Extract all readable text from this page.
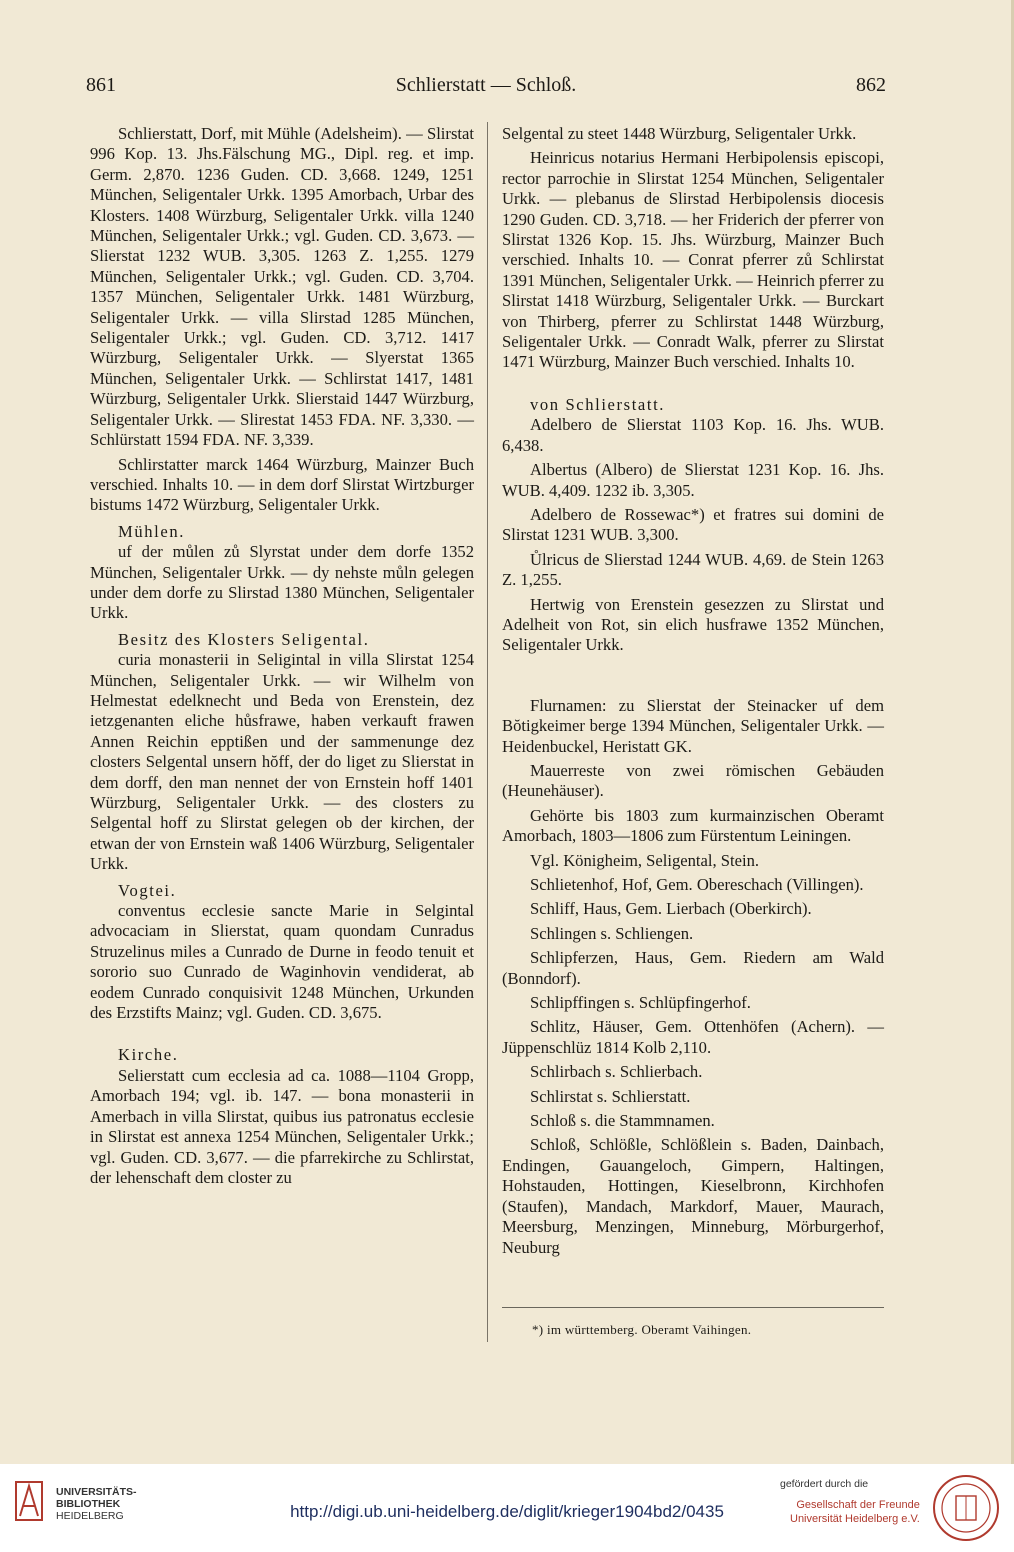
861	Schlierstatt — Schloß.	862

Schlierstatt, Dorf, mit Mühle (Adelsheim). — Slirstat 996 Kop. 13. Jhs.Fälschung MG., Dipl. reg. et imp. Germ. 2,870. 1236 Guden. CD. 3,668. 1249, 1251 München, Seligentaler Urkk. 1395 Amorbach, Urbar des Klosters. 1408 Würzburg, Seligentaler Urkk. villa 1240 München, Seligentaler Urkk.; vgl. Guden. CD. 3,673. — Slierstat 1232 WUB. 3,305. 1263 Z. 1,255. 1279 München, Seligentaler Urkk.; vgl. Guden. CD. 3,704. 1357 München, Seligentaler Urkk. 1481 Würzburg, Seligentaler Urkk. — villa Slirstad 1285 München, Seligentaler Urkk.; vgl. Guden. CD. 3,712. 1417 Würzburg, Seligentaler Urkk. — Slyerstat 1365 München, Seligentaler Urkk. — Schlirstat 1417, 1481 Würzburg, Seligentaler Urkk. Slierstaid 1447 Würzburg, Seligentaler Urkk. — Slirestat 1453 FDA. NF. 3,330. — Schlürstatt 1594 FDA. NF. 3,339.

Schlirstatter marck 1464 Würzburg, Mainzer Buch verschied. Inhalts 10. — in dem dorf Slirstat Wirtzburger bistums 1472 Würzburg, Seligentaler Urkk.

Mühlen.

uf der můlen zů Slyrstat under dem dorfe 1352 München, Seligentaler Urkk. — dy nehste můln gelegen under dem dorfe zu Slirstad 1380 München, Seligentaler Urkk.

Besitz des Klosters Seligental.

curia monasterii in Seligintal in villa Slirstat 1254 München, Seligentaler Urkk. — wir Wilhelm von Helmestat edelknecht und Beda von Erenstein, dez ietzgenanten eliche hůsfrawe, haben verkauft frawen Annen Reichin epptißen und der sammenunge dez closters Selgental unsern hŏff, der do liget zu Slierstat in dem dorff, den man nennet der von Ernstein hoff 1401 Würzburg, Seligentaler Urkk. — des closters zu Selgental hoff zu Slirstat gelegen ob der kirchen, der etwan der von Ernstein waß 1406 Würzburg, Seligentaler Urkk.

Vogtei.

conventus ecclesie sancte Marie in Selgintal advocaciam in Slierstat, quam quondam Cunradus Struzelinus miles a Cunrado de Durne in feodo tenuit et sororio suo Cunrado de Waginhovin vendiderat, ab eodem Cunrado conquisivit 1248 München, Urkunden des Erzstifts Mainz; vgl. Guden. CD. 3,675.

Kirche.

Selierstatt cum ecclesia ad ca. 1088—1104 Gropp, Amorbach 194; vgl. ib. 147. — bona monasterii in Amerbach in villa Slirstat, quibus ius patronatus ecclesie in Slirstat est annexa 1254 München, Seligentaler Urkk.; vgl. Guden. CD. 3,677. — die pfarrekirche zu Schlirstat, der lehenschaft dem closter zu

Selgental zu steet 1448 Würzburg, Seligentaler Urkk.

Heinricus notarius Hermani Herbipolensis episcopi, rector parrochie in Slirstat 1254 München, Seligentaler Urkk. — plebanus de Slirstad Herbipolensis diocesis 1290 Guden. CD. 3,718. — her Friderich der pferrer von Slirstat 1326 Kop. 15. Jhs. Würzburg, Mainzer Buch verschied. Inhalts 10. — Conrat pferrer zů Schlirstat 1391 München, Seligentaler Urkk. — Heinrich pferrer zu Slirstat 1418 Würzburg, Seligentaler Urkk. — Burckart von Thirberg, pferrer zu Schlirstat 1448 Würzburg, Seligentaler Urkk. — Conradt Walk, pferrer zu Slirstat 1471 Würzburg, Mainzer Buch verschied. Inhalts 10.

von Schlierstatt.

Adelbero de Slierstat 1103 Kop. 16. Jhs. WUB. 6,438.

Albertus (Albero) de Slierstat 1231 Kop. 16. Jhs. WUB. 4,409. 1232 ib. 3,305.

Adelbero de Rossewac*) et fratres sui domini de Slirstat 1231 WUB. 3,300.

Ůlricus de Slierstad 1244 WUB. 4,69. de Stein 1263 Z. 1,255.

Hertwig von Erenstein gesezzen zu Slirstat und Adelheit von Rot, sin elich husfrawe 1352 München, Seligentaler Urkk.

Flurnamen: zu Slierstat der Steinacker uf dem Bŏtigkeimer berge 1394 München, Seligentaler Urkk. — Heidenbuckel, Heristatt GK.

Mauerreste von zwei römischen Gebäuden (Heunehäuser).

Gehörte bis 1803 zum kurmainzischen Oberamt Amorbach, 1803—1806 zum Fürstentum Leiningen.

Vgl. Königheim, Seligental, Stein.

Schlietenhof, Hof, Gem. Obereschach (Villingen).

Schliff, Haus, Gem. Lierbach (Oberkirch).

Schlingen s. Schliengen.

Schlipferzen, Haus, Gem. Riedern am Wald (Bonndorf).

Schlipffingen s. Schlüpfingerhof.

Schlitz, Häuser, Gem. Ottenhöfen (Achern). — Jüppenschlüz 1814 Kolb 2,110.

Schlirbach s. Schlierbach.

Schlirstat s. Schlierstatt.

Schloß s. die Stammnamen.

Schloß, Schlößle, Schlößlein s. Baden, Dainbach, Endingen, Gauangeloch, Gimpern, Haltingen, Hohstauden, Hottingen, Kieselbronn, Kirchhofen (Staufen), Mandach, Markdorf, Mauer, Maurach, Meersburg, Menzingen, Minneburg, Mörburgerhof, Neuburg

*) im württemberg. Oberamt Vaihingen.
UNIVERSITÄTS-
BIBLIOTHEK
HEIDELBERG	http://digi.ub.uni-heidelberg.de/diglit/krieger1904bd2/0435
gefördert durch die
Gesellschaft der Freunde
Universität Heidelberg e.V.
